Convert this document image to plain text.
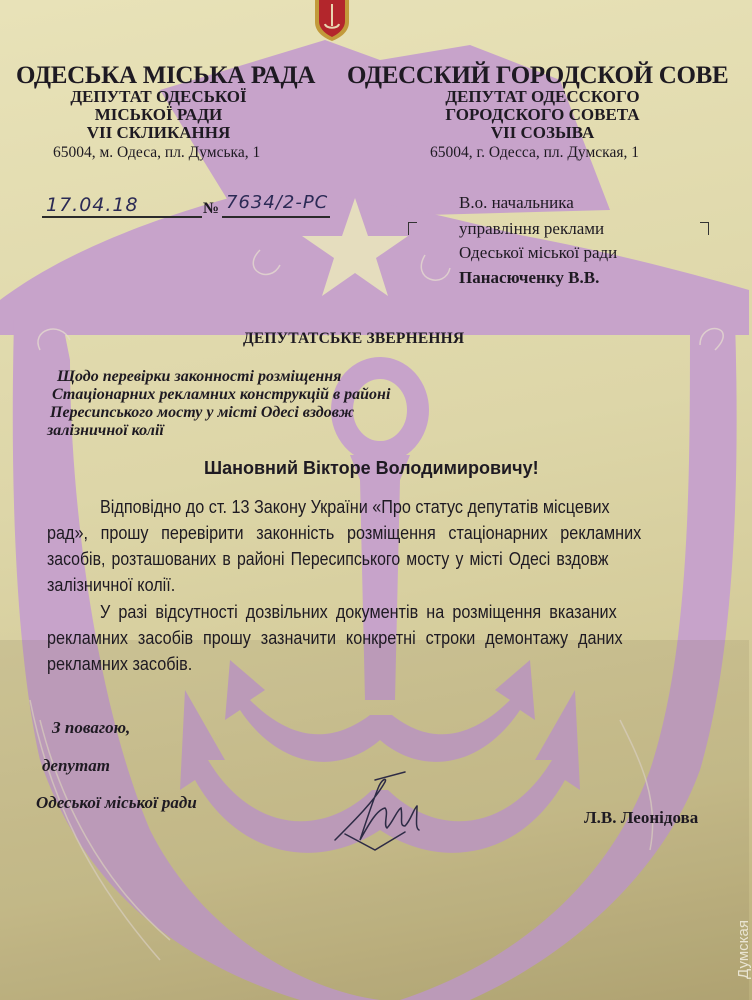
ОДЕСЬКА МІСЬКА РАДА
ДЕПУТАТ ОДЕСЬКОЇ
МІСЬКОЇ РАДИ
VII СКЛИКАННЯ
65004, м. Одеса, пл. Думська, 1
ОДЕССКИЙ ГОРОДСКОЙ СОВЕ
ДЕПУТАТ ОДЕССКОГО
ГОРОДСКОГО СОВЕТА
VII СОЗЫВА
65004, г. Одесса, пл. Думская, 1
17.04.18	№ 7634/2-РС	В.о. начальника
управління реклами
Одеської міської ради
Панасюченку В.В.
ДЕПУТАТСЬКЕ ЗВЕРНЕННЯ
Щодо перевірки законності розміщення
Стаціонарних рекламних конструкцій в районі
Пересипського мосту у місті Одесі вздовж
залізничної колії
Шановний Вікторе Володимировичу!
Відповідно до ст. 13 Закону України «Про статус депутатів місцевих
рад», прошу перевірити законність розміщення стаціонарних рекламних
засобів, розташованих в районі Пересипського мосту у місті Одесі вздовж
залізничної колії.
У разі відсутності дозвільних документів на розміщення вказаних
рекламних засобів прошу зазначити конкретні строки демонтажу даних
рекламних засобів.
З повагою,
депутат
Одеської міської ради
Л.В. Леонідова
Думская
